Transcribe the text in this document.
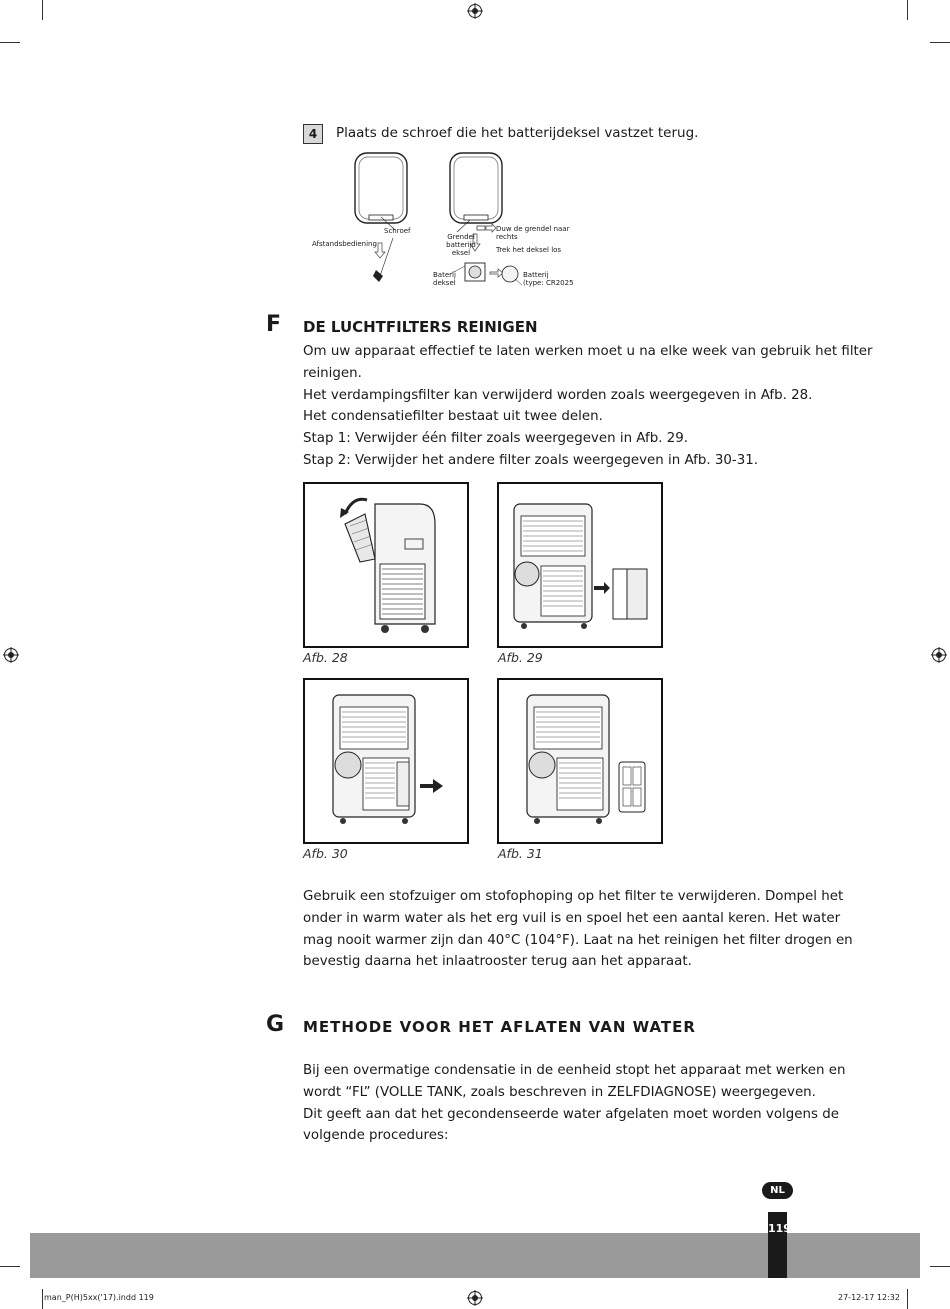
4	Plaats de schroef die het batterijdeksel vastzet terug.
Schroef
Afstandsbediening
Grendel
batterijd
eksel
Duw de grendel naar
rechts
Trek het deksel los
Baterij
deksel
Batterij
(type: CR2025
F DE LUCHTFILTERS REINIGEN
Om uw apparaat effectief te laten werken moet u na elke week van gebruik het filter
reinigen.
Het verdampingsfilter kan verwijderd worden zoals weergegeven in Afb. 28.
Het condensatiefilter bestaat uit twee delen.
Stap 1: Verwijder één filter zoals weergegeven in Afb. 29.
Stap 2: Verwijder het andere filter zoals weergegeven in Afb. 30-31.
Afb. 28	Afb. 29
Afb. 30	Afb. 31
Gebruik een stofzuiger om stofophoping op het filter te verwijderen. Dompel het
onder in warm water als het erg vuil is en spoel het een aantal keren. Het water
mag nooit warmer zijn dan 40°C (104°F). Laat na het reinigen het filter drogen en
bevestig daarna het inlaatrooster terug aan het apparaat.
G METHODE VOOR HET AFLATEN VAN WATER
Bij een overmatige condensatie in de eenheid stopt het apparaat met werken en
wordt “FL” (VOLLE TANK, zoals beschreven in ZELFDIAGNOSE) weergegeven.
Dit geeft aan dat het gecondenseerde water afgelaten moet worden volgens de
volgende procedures:
NL
119
man_P(H)5xx('17).indd 119	27-12-17 12:32
